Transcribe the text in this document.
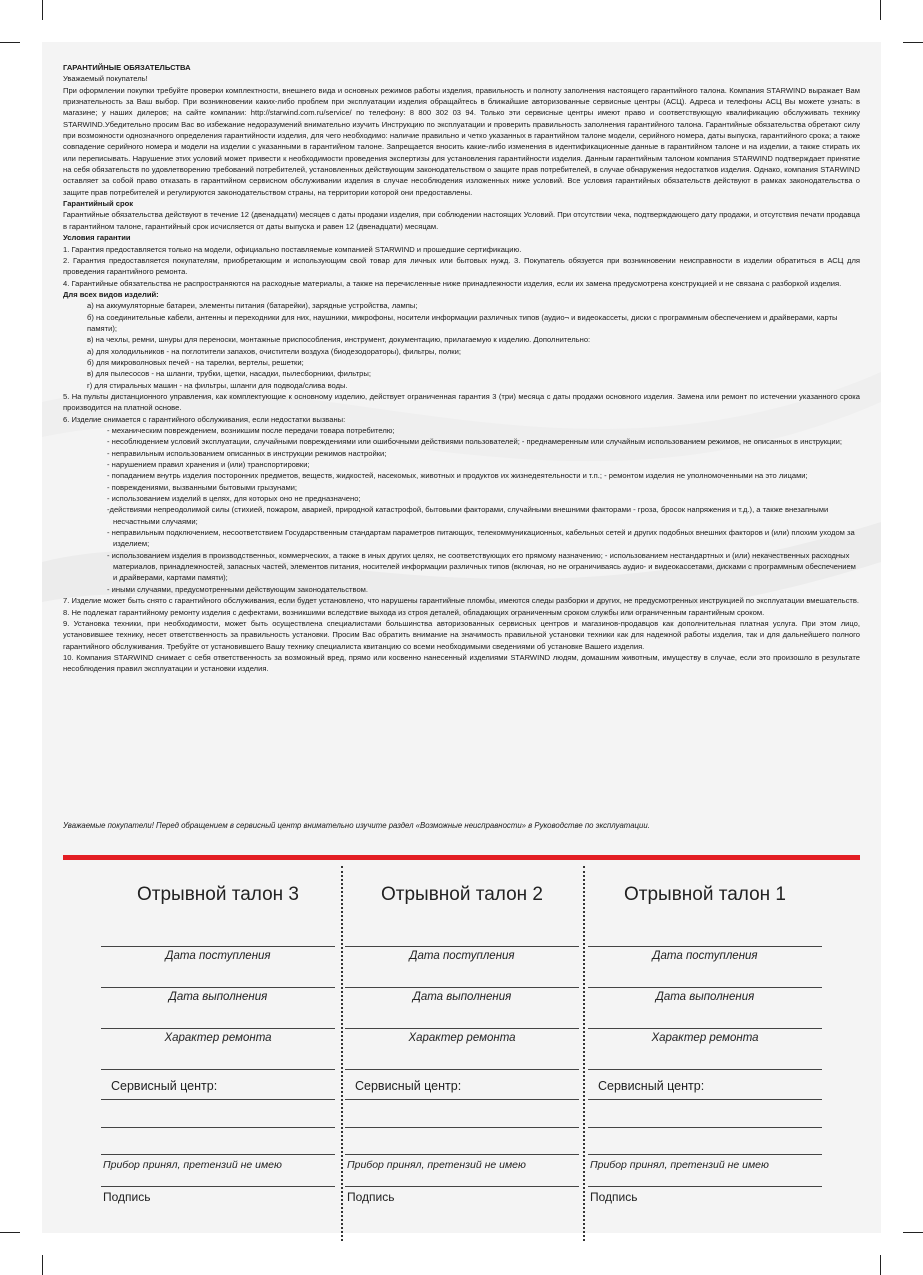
ГАРАНТИЙНЫЕ ОБЯЗАТЕЛЬСТВА
Уважаемый покупатель!
При оформлении покупки требуйте проверки комплектности, внешнего вида и основных режимов работы изделия, правильность и полноту заполнения настоящего гарантийного талона. Компания STARWIND выражает Вам признательность за Ваш выбор. При возникновении каких-либо проблем при эксплуатации изделия обращайтесь в ближайшие авторизованные сервисные центры (АСЦ). Адреса и телефоны АСЦ Вы можете узнать: в магазине; у наших дилеров; на сайте компании: http://starwind.com.ru/service/ по телефону: 8 800 302 03 94. Только эти сервисные центры имеют право и соответствующую квалификацию обслуживать технику STARWIND.Убедительно просим Вас во избежание недоразумений внимательно изучить Инструкцию по эксплуатации и проверить правильность заполнения гарантийного талона. Гарантийные обязательства обретают силу при возможности однозначного определения гарантийности изделия, для чего необходимо: наличие правильно и четко указанных в гарантийном талоне модели, серийного номера, даты выпуска, гарантийного срока; а также совпадение серийного номера и модели на изделии с указанными в гарантийном талоне. Запрещается вносить какие-либо изменения в идентификационные данные в гарантийном талоне и на изделии, а также стирать их или переписывать. Нарушение этих условий может привести к необходимости проведения экспертизы для установления гарантийности изделия. Данным гарантийным талоном компания STARWIND подтверждает принятие на себя обязательств по удовлетворению требований потребителей, установленных действующим законодательством о защите прав потребителей, в случае обнаружения недостатков изделия. Однако, компания STARWIND оставляет за собой право отказать в гарантийном сервисном обслуживании изделия в случае несоблюдения изложенных ниже условий. Все условия гарантийных обязательств действуют в рамках законодательства о защите прав потребителей и регулируются законодательством страны, на территории которой они предоставлены.
Гарантийный срок
Гарантийные обязательства действуют в течение 12 (двенадцати) месяцев с даты продажи изделия, при соблюдении настоящих Условий. При отсутствии чека, подтверждающего дату продажи, и отсутствия печати продавца в гарантийном талоне, гарантийный срок исчисляется от даты выпуска и равен 12 (двенадцати) месяцам.
Условия гарантии
1. Гарантия предоставляется только на модели, официально поставляемые компанией STARWIND и прошедшие сертификацию.
2. Гарантия предоставляется покупателям, приобретающим и использующим свой товар для личных или бытовых нужд. 3. Покупатель обязуется при возникновении неисправности в изделии обратиться в АСЦ для проведения гарантийного ремонта.
4. Гарантийные обязательства не распространяются на расходные материалы, а также на перечисленные ниже принадлежности изделия, если их замена предусмотрена конструкцией и не связана с разборкой изделия.
Для всех видов изделий:
а) на аккумуляторные батареи, элементы питания (батарейки), зарядные устройства, лампы;
б) на соединительные кабели, антенны и переходники для них, наушники, микрофоны, носители информации различных типов (аудио¬ и видеокассеты, диски с программным обеспечением и драйверами, карты памяти);
в) на чехлы, ремни, шнуры для переноски, монтажные приспособления, инструмент, документацию, прилагаемую к изделию. Дополнительно:
а) для холодильников - на поглотители запахов, очистители воздуха (биодезодораторы), фильтры, полки;
б) для микроволновых печей - на тарелки, вертелы, решетки;
в) для пылесосов - на шланги, трубки, щетки, насадки, пылесборники, фильтры;
г) для стиральных машин - на фильтры, шланги для подвода/слива воды.
5. На пульты дистанционного управления, как комплектующие к основному изделию, действует ограниченная гарантия 3 (три) месяца с даты продажи основного изделия. Замена или ремонт по истечении указанного срока производится на платной основе.
6. Изделие снимается с гарантийного обслуживания, если недостатки вызваны:
- механическим повреждением, возникшим после передачи товара потребителю;
- несоблюдением условий эксплуатации, случайными повреждениями или ошибочными действиями пользователей; - преднамеренным или случайным использованием режимов, не описанных в инструкции;
- неправильным использованием описанных в инструкции режимов настройки;
- нарушением правил хранения и (или) транспортировки;
- попаданием внутрь изделия посторонних предметов, веществ, жидкостей, насекомых, животных и продуктов их жизнедеятельности и т.п.; - ремонтом изделия не уполномоченными на это лицами;
- повреждениями, вызванными бытовыми грызунами;
- использованием изделий в целях, для которых оно не предназначено;
-действиями непреодолимой силы (стихией, пожаром, аварией, природной катастрофой, бытовыми факторами, случайными внешними факторами - гроза, бросок напряжения и т.д.), а также внезапными несчастными случаями;
- неправильным подключением, несоответствием Государственным стандартам параметров питающих, телекоммуникационных, кабельных сетей и других подобных внешних факторов и (или) плохим уходом за изделием;
- использованием изделия в производственных, коммерческих, а также в иных других целях, не соответствующих его прямому назначению; - использованием нестандартных и (или) некачественных расходных материалов, принадлежностей, запасных частей, элементов питания, носителей информации различных типов (включая, но не ограничиваясь аудио- и видеокассетами, дисками с программным обеспечением и драйверами, картами памяти);
- иными случаями, предусмотренными действующим законодательством.
7. Изделие может быть снято с гарантийного обслуживания, если будет установлено, что нарушены гарантийные пломбы, имеются следы разборки и других, не предусмотренных инструкцией по эксплуатации вмешательств.
8. Не подлежат гарантийному ремонту изделия с дефектами, возникшими вследствие выхода из строя деталей, обладающих ограниченным сроком службы или ограниченным гарантийным сроком.
9. Установка техники, при необходимости, может быть осуществлена специалистами большинства авторизованных сервисных центров и магазинов-продавцов как дополнительная платная услуга. При этом лицо, установившее технику, несет ответственность за правильность установки. Просим Вас обратить внимание на значимость правильной установки техники как для надежной работы изделия, так и для дальнейшего полного гарантийного обслуживания. Требуйте от установившего Вашу технику специалиста квитанцию со всеми необходимыми сведениями об установке Вашего изделия.
10. Компания STARWIND снимает с себя ответственность за возможный вред, прямо или косвенно нанесенный изделиями STARWIND людям, домашним животным, имуществу в случае, если это произошло в результате несоблюдения правил эксплуатации и установки изделия.
Уважаемые покупатели! Перед обращением в сервисный центр внимательно изучите раздел «Возможные неисправности» в Руководстве по эксплуатации.
Отрывной талон 3
Дата поступления
Дата выполнения
Характер ремонта
Сервисный центр:
Прибор принял, претензий не имею
Подпись
Отрывной талон 2
Дата поступления
Дата выполнения
Характер ремонта
Сервисный центр:
Прибор принял, претензий не имею
Подпись
Отрывной талон 1
Дата поступления
Дата выполнения
Характер ремонта
Сервисный центр:
Прибор принял, претензий не имею
Подпись
